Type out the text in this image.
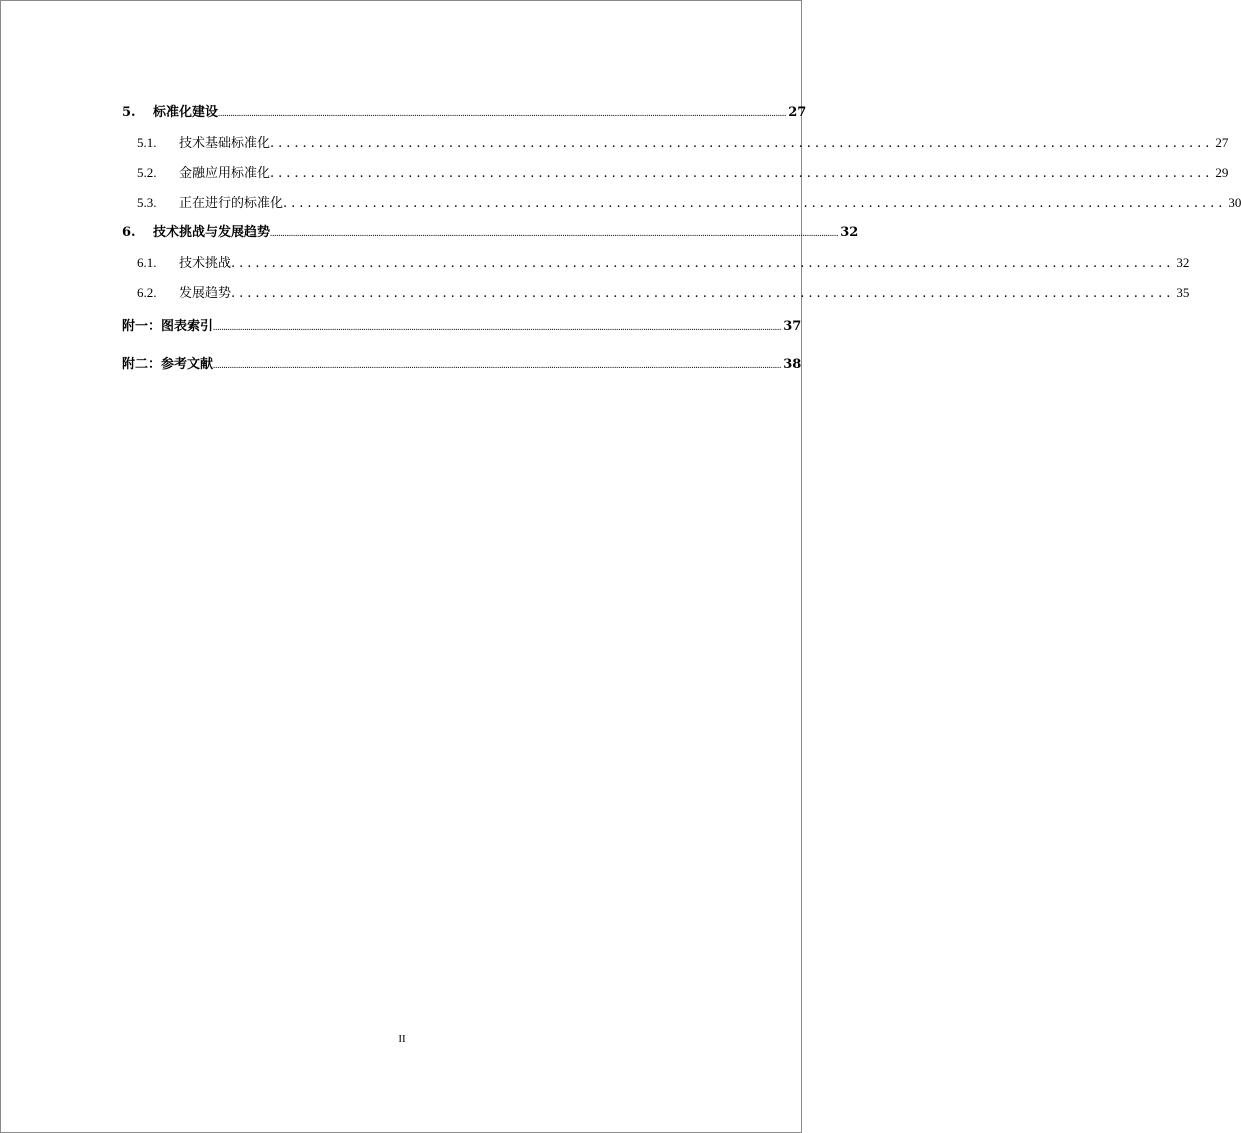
5.	标准化建设 ................................................................................................................................................................................................................................................................................ 27
5.1.	技术基础标准化 .................................................................................................................... 27
5.2.	金融应用标准化 .................................................................................................................... 29
5.3.	正在进行的标准化 .................................................................................................................... 30
6.	技术挑战与发展趋势 ................................................................................................................................................................................................................................................................................ 32
6.1.	技术挑战 .................................................................................................................... 32
6.2.	发展趋势 .................................................................................................................... 35
附一：图表索引 ................................................................................................................................................................................................................................................................................ 37
附二：参考文献 ................................................................................................................................................................................................................................................................................ 38
II
